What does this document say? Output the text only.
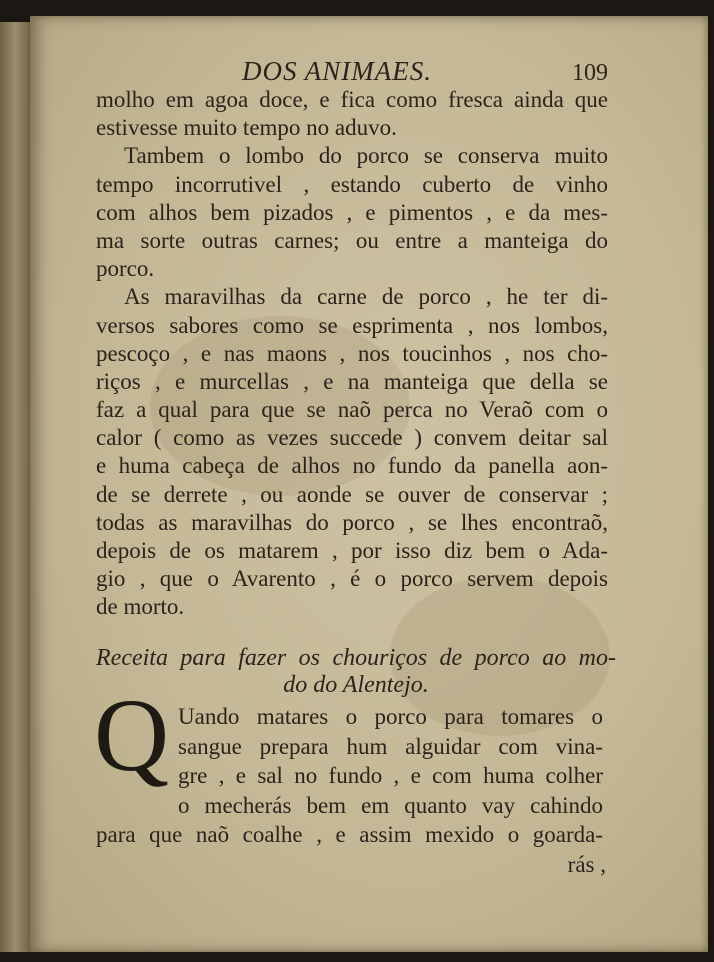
DOS ANIMAES.	109
molho em agoa doce, e fica como fresca ainda que
estivesse muito tempo no aduvo.
Tambem o lombo do porco se conserva muito
tempo incorrutivel , estando cuberto de vinho
com alhos bem pizados , e pimentos , e da mes-
ma sorte outras carnes; ou entre a manteiga do
porco.
As maravilhas da carne de porco , he ter di-
versos sabores como se esprimenta , nos lombos,
pescoço , e nas maons , nos toucinhos , nos cho-
riços , e murcellas , e na manteiga que della se
faz a qual para que se naõ perca no Veraõ com o
calor ( como as vezes succede ) convem deitar sal
e huma cabeça de alhos no fundo da panella aon-
de se derrete , ou aonde se ouver de conservar ;
todas as maravilhas do porco , se lhes encontraõ,
depois de os matarem , por isso diz bem o Ada-
gio , que o Avarento , é o porco servem depois
de morto.
Receita para fazer os chouriços de porco ao mo-
do do Alentejo.
Q Uando matares o porco para tomares o
sangue prepara hum alguidar com vina-
gre , e sal no fundo , e com huma colher
o mecherás bem em quanto vay cahindo
para que naõ coalhe , e assim mexido o goarda-
rás ,
